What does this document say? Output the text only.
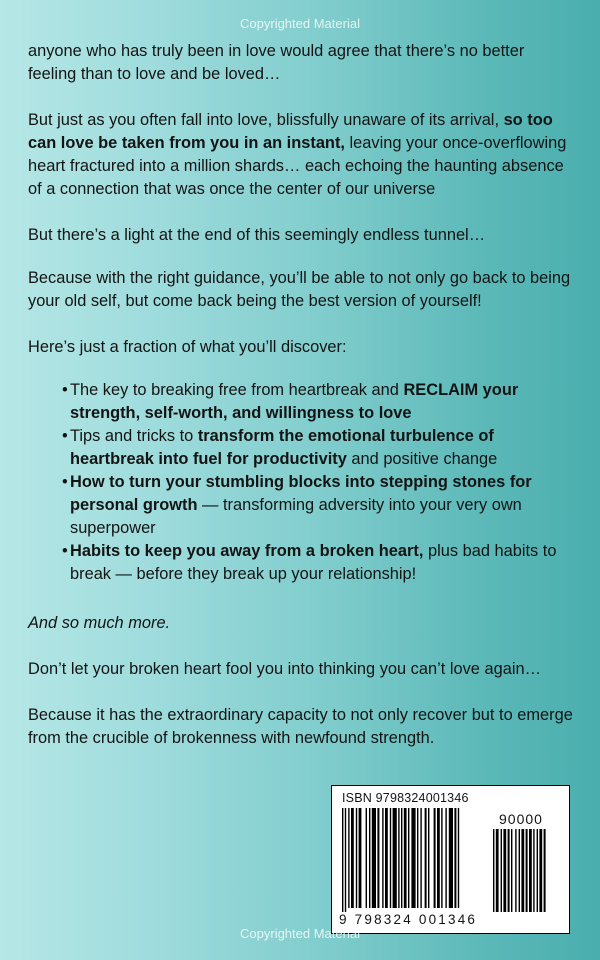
Copyrighted Material

anyone who has truly been in love would agree that there’s no better feeling than to love and be loved…

But just as you often fall into love, blissfully unaware of its arrival, so too can love be taken from you in an instant, leaving your once-overflowing heart fractured into a million shards… each echoing the haunting absence of a connection that was once the center of our universe

But there’s a light at the end of this seemingly endless tunnel…

Because with the right guidance, you’ll be able to not only go back to being your old self, but come back being the best version of yourself!

Here’s just a fraction of what you’ll discover:

• The key to breaking free from heartbreak and RECLAIM your strength, self-worth, and willingness to love
• Tips and tricks to transform the emotional turbulence of heartbreak into fuel for productivity and positive change
• How to turn your stumbling blocks into stepping stones for personal growth — transforming adversity into your very own superpower
• Habits to keep you away from a broken heart, plus bad habits to break — before they break up your relationship!

And so much more.

Don’t let your broken heart fool you into thinking you can’t love again…

Because it has the extraordinary capacity to not only recover but to emerge from the crucible of brokenness with newfound strength.

ISBN 9798324001346
90000
9 798324 001346
Copyrighted Material
